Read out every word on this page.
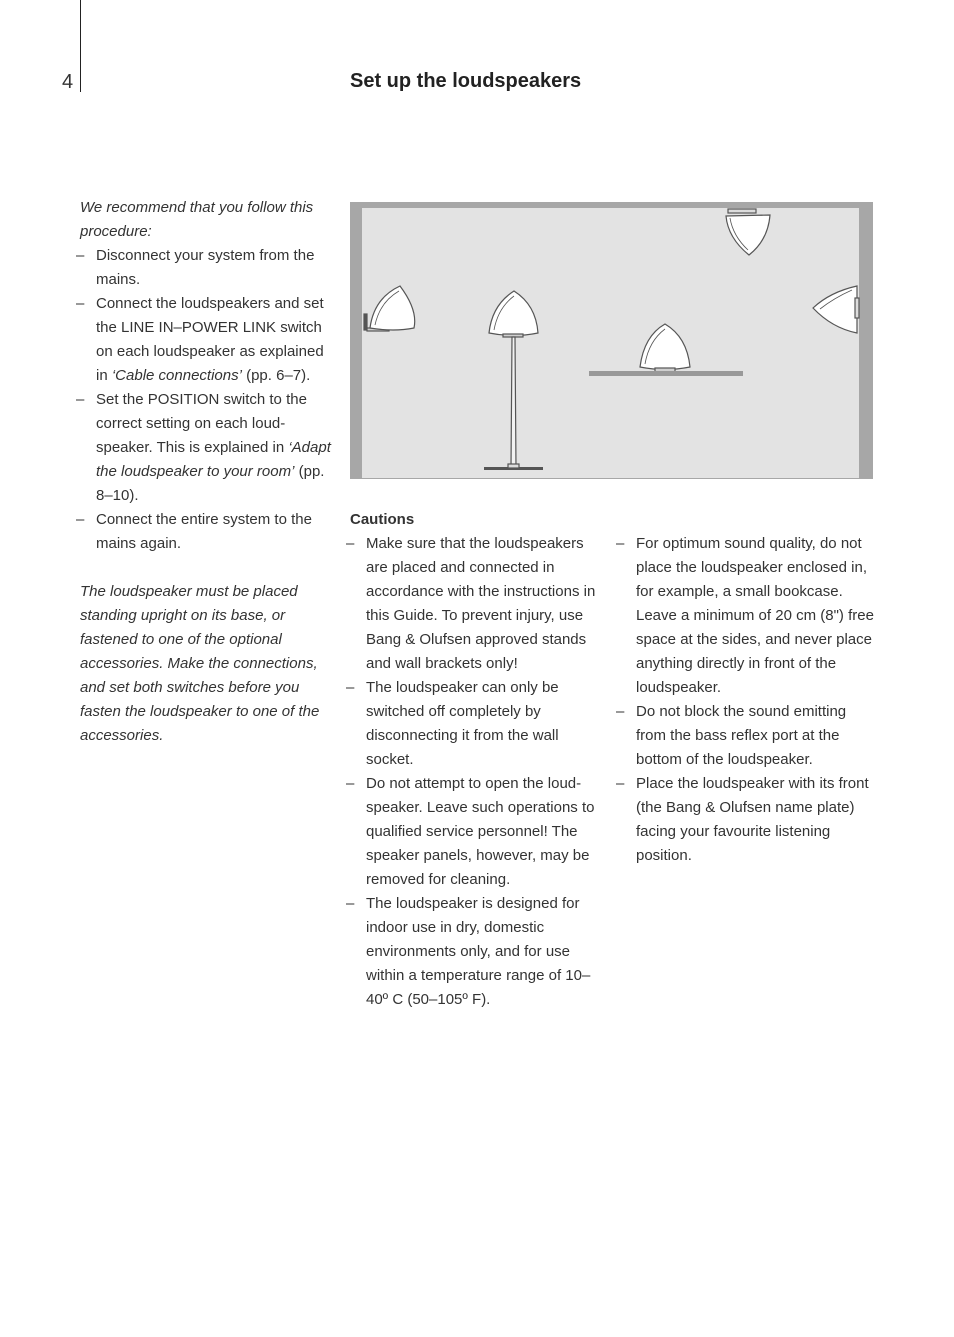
4	Set up the loudspeakers

We recommend that you follow this procedure:

– Disconnect your system from the mains.
– Connect the loudspeakers and set the LINE IN–POWER LINK switch on each loudspeaker as explained in ‘Cable connections’ (pp. 6–7).
– Set the POSITION switch to the correct setting on each loudspeaker. This is explained in ‘Adapt the loudspeaker to your room’ (pp. 8–10).
– Connect the entire system to the mains again.

The loudspeaker must be placed standing upright on its base, or fastened to one of the optional accessories. Make the connections, and set both switches before you fasten the loudspeaker to one of the accessories.

Cautions

– Make sure that the loudspeakers are placed and connected in accordance with the instructions in this Guide. To prevent injury, use Bang & Olufsen approved stands and wall brackets only!
– The loudspeaker can only be switched off completely by disconnecting it from the wall socket.
– Do not attempt to open the loudspeaker. Leave such operations to qualified service personnel! The speaker panels, however, may be removed for cleaning.
– The loudspeaker is designed for indoor use in dry, domestic environments only, and for use within a temperature range of 10–40º C (50–105º F).
– For optimum sound quality, do not place the loudspeaker enclosed in, for example, a small bookcase. Leave a minimum of 20 cm (8") free space at the sides, and never place anything directly in front of the loudspeaker.
– Do not block the sound emitting from the bass reflex port at the bottom of the loudspeaker.
– Place the loudspeaker with its front (the Bang & Olufsen name plate) facing your favourite listening position.
